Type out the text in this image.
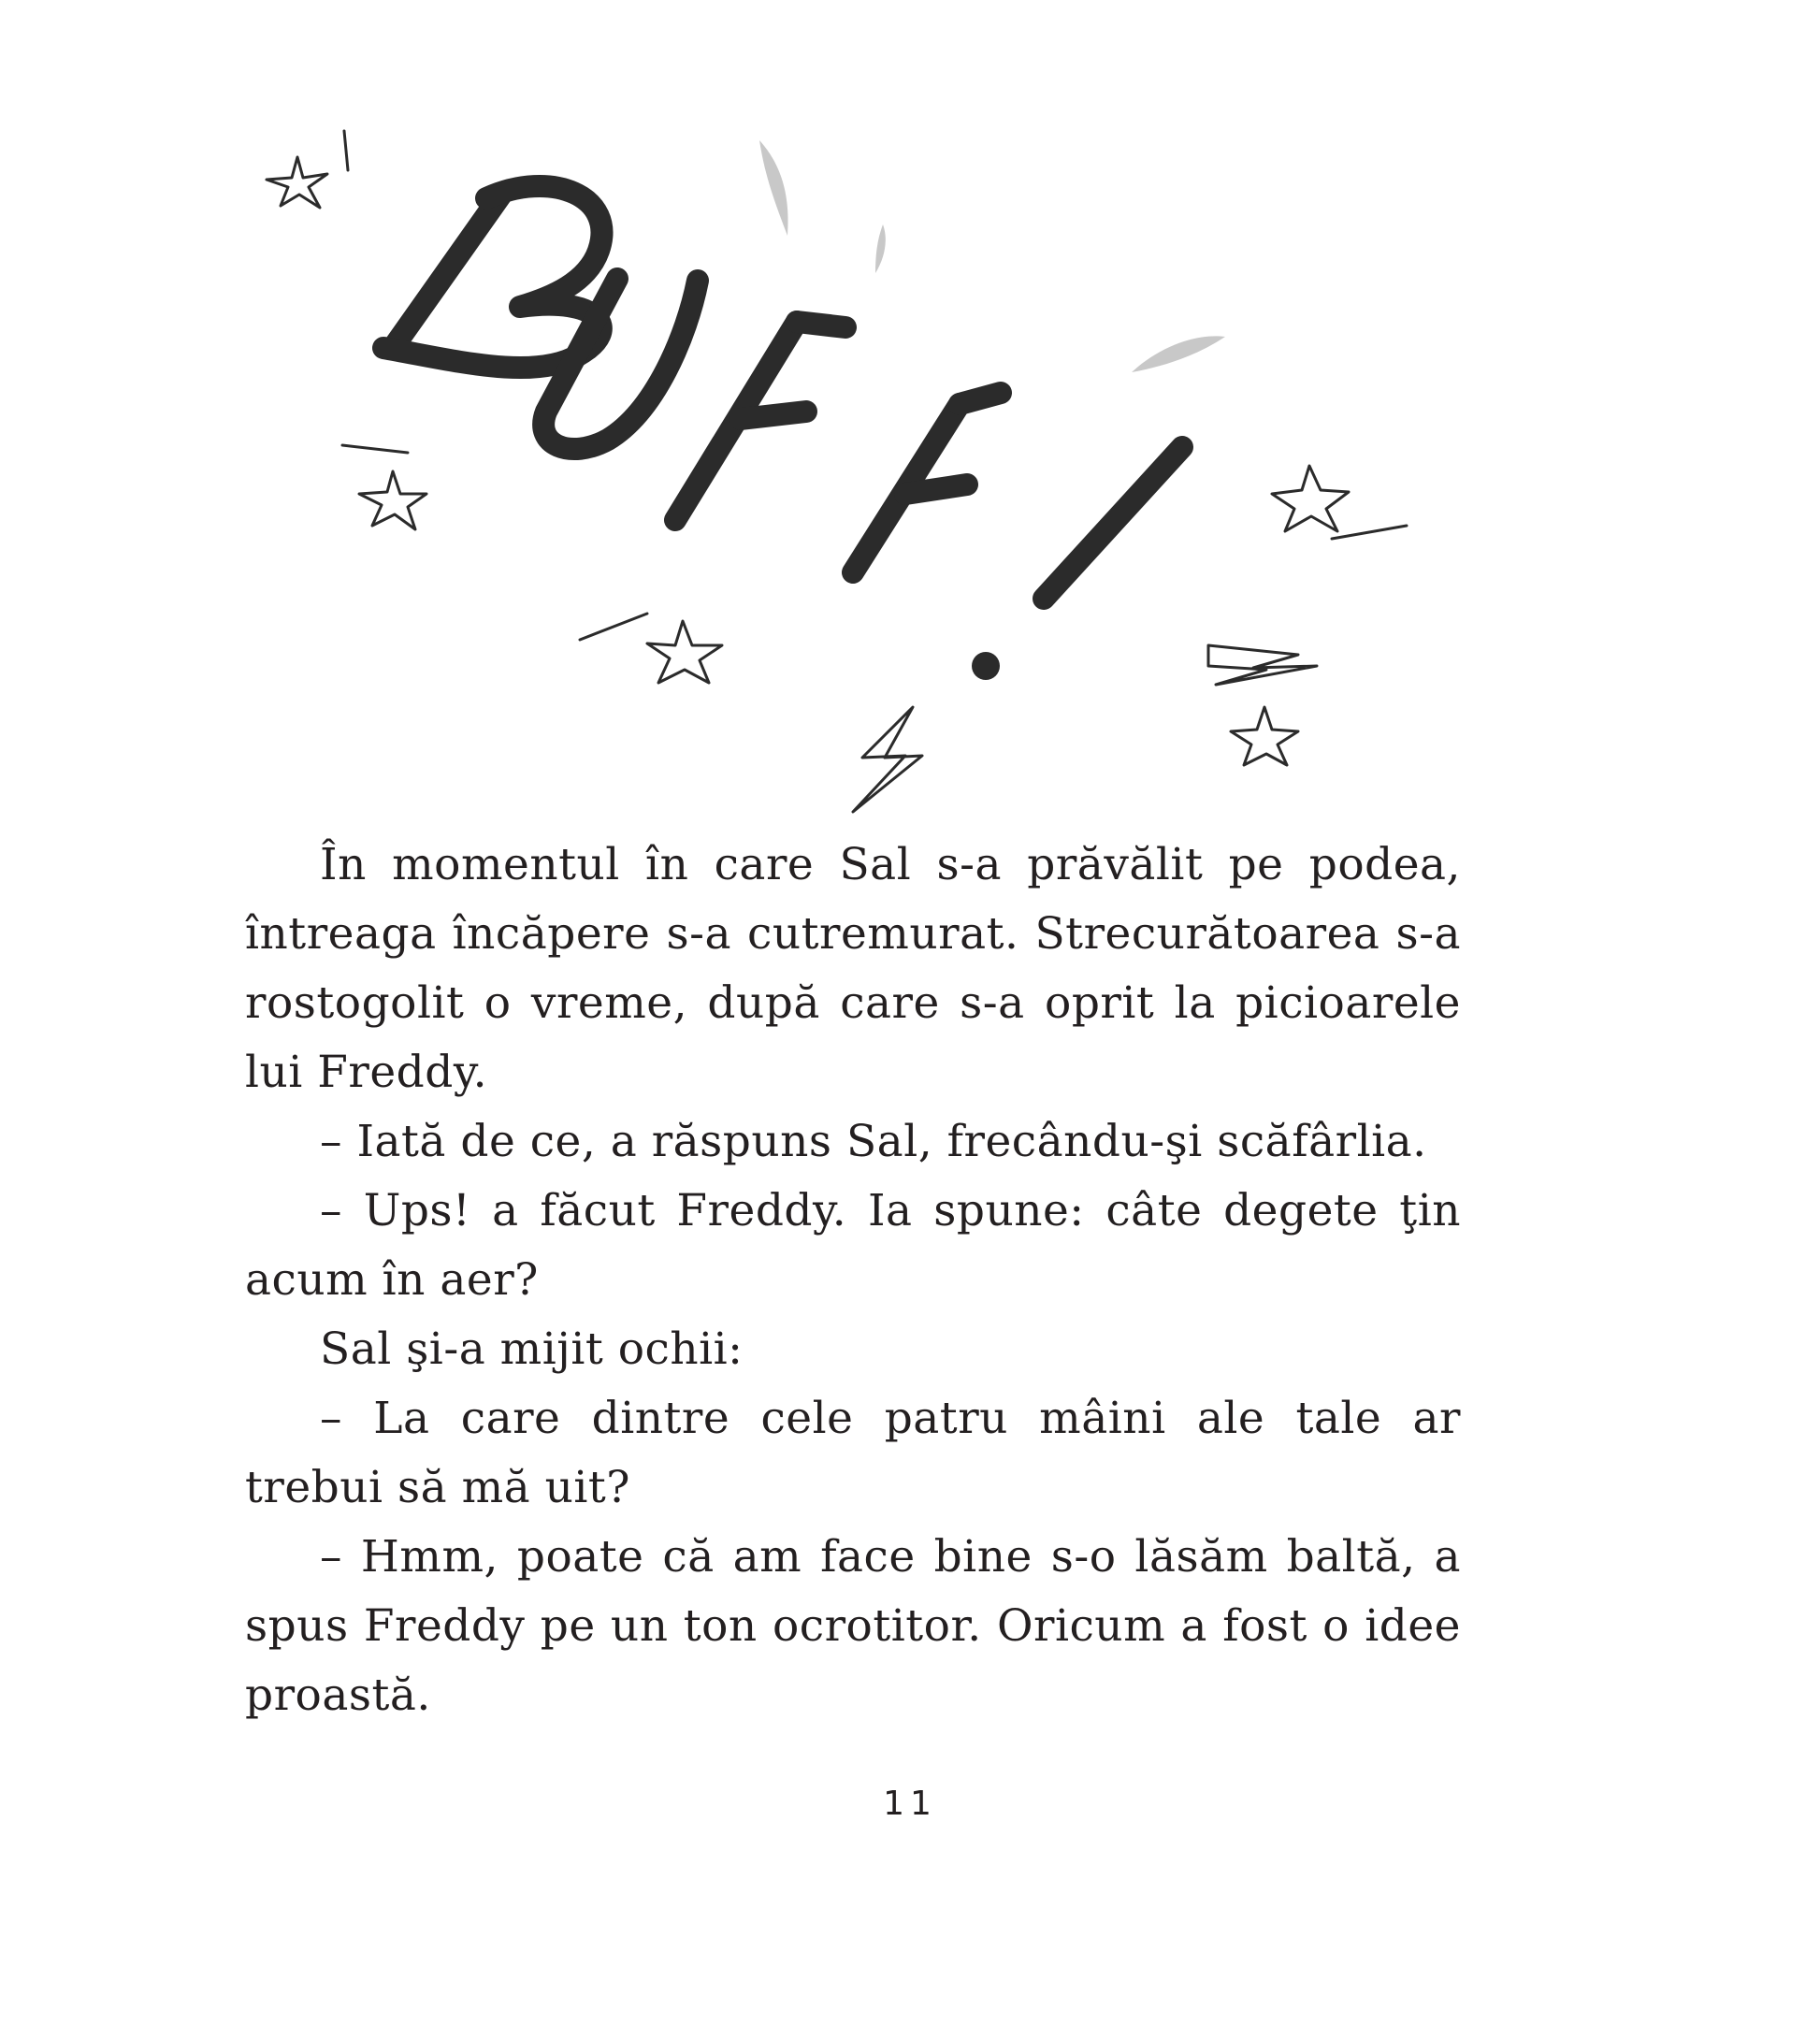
În momentul în care Sal s-a prăvălit pe podea, întreaga încăpere s-a cutremurat. Strecurătoarea s-a rostogolit o vreme, după care s-a oprit la picioarele lui Freddy.

– Iată de ce, a răspuns Sal, frecându-şi scăfârlia.

– Ups! a făcut Freddy. Ia spune: câte degete ţin acum în aer?

Sal şi-a mijit ochii:

– La care dintre cele patru mâini ale tale ar trebui să mă uit?

– Hmm, poate că am face bine s-o lăsăm baltă, a spus Freddy pe un ton ocrotitor. Oricum a fost o idee proastă.

11
